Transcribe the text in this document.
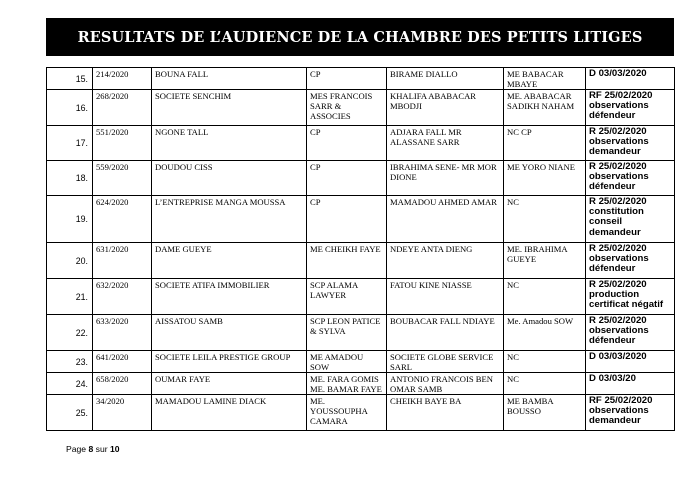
RESULTATS DE L’AUDIENCE DE LA CHAMBRE DES PETITS LITIGES
15.	214/2020	BOUNA FALL	CP	BIRAME DIALLO	ME BABACAR MBAYE	D 03/03/2020

16.	268/2020	SOCIETE SENCHIM	MES FRANCOIS SARR & ASSOCIES	KHALIFA ABABACAR MBODJI	ME. ABABACAR SADIKH NAHAM	RF 25/02/2020
observations
défendeur

17.	551/2020	NGONE TALL	CP	ADJARA FALL MR ALASSANE SARR	NC CP	R 25/02/2020
observations
demandeur

18.	559/2020	DOUDOU CISS	CP	IBRAHIMA SENE- MR MOR DIONE	ME YORO NIANE	R 25/02/2020
observations
défendeur

19.	624/2020	L’ENTREPRISE MANGA MOUSSA	CP	MAMADOU AHMED AMAR	NC	R 25/02/2020
constitution
conseil
demandeur

20.	631/2020	DAME GUEYE	ME CHEIKH FAYE	NDEYE ANTA DIENG	ME. IBRAHIMA GUEYE	R 25/02/2020
observations
défendeur

21.	632/2020	SOCIETE ATIFA IMMOBILIER	SCP ALAMA LAWYER	FATOU KINE NIASSE	NC	R 25/02/2020
production
certificat négatif

22.	633/2020	AISSATOU SAMB	SCP LEON PATICE & SYLVA	BOUBACAR FALL NDIAYE	Me. Amadou SOW	R 25/02/2020
observations
défendeur

23.	641/2020	SOCIETE LEILA PRESTIGE GROUP	ME AMADOU SOW	SOCIETE GLOBE SERVICE SARL	NC	D 03/03/2020

24.	658/2020	OUMAR FAYE	ME. FARA GOMIS ME. BAMAR FAYE	ANTONIO FRANCOIS BEN OMAR SAMB	NC	D 03/03/20

25.	34/2020	MAMADOU LAMINE DIACK	ME. YOUSSOUPHA CAMARA	CHEIKH BAYE BA	ME BAMBA BOUSSO	RF 25/02/2020
observations
demandeur
Page 8 sur 10
